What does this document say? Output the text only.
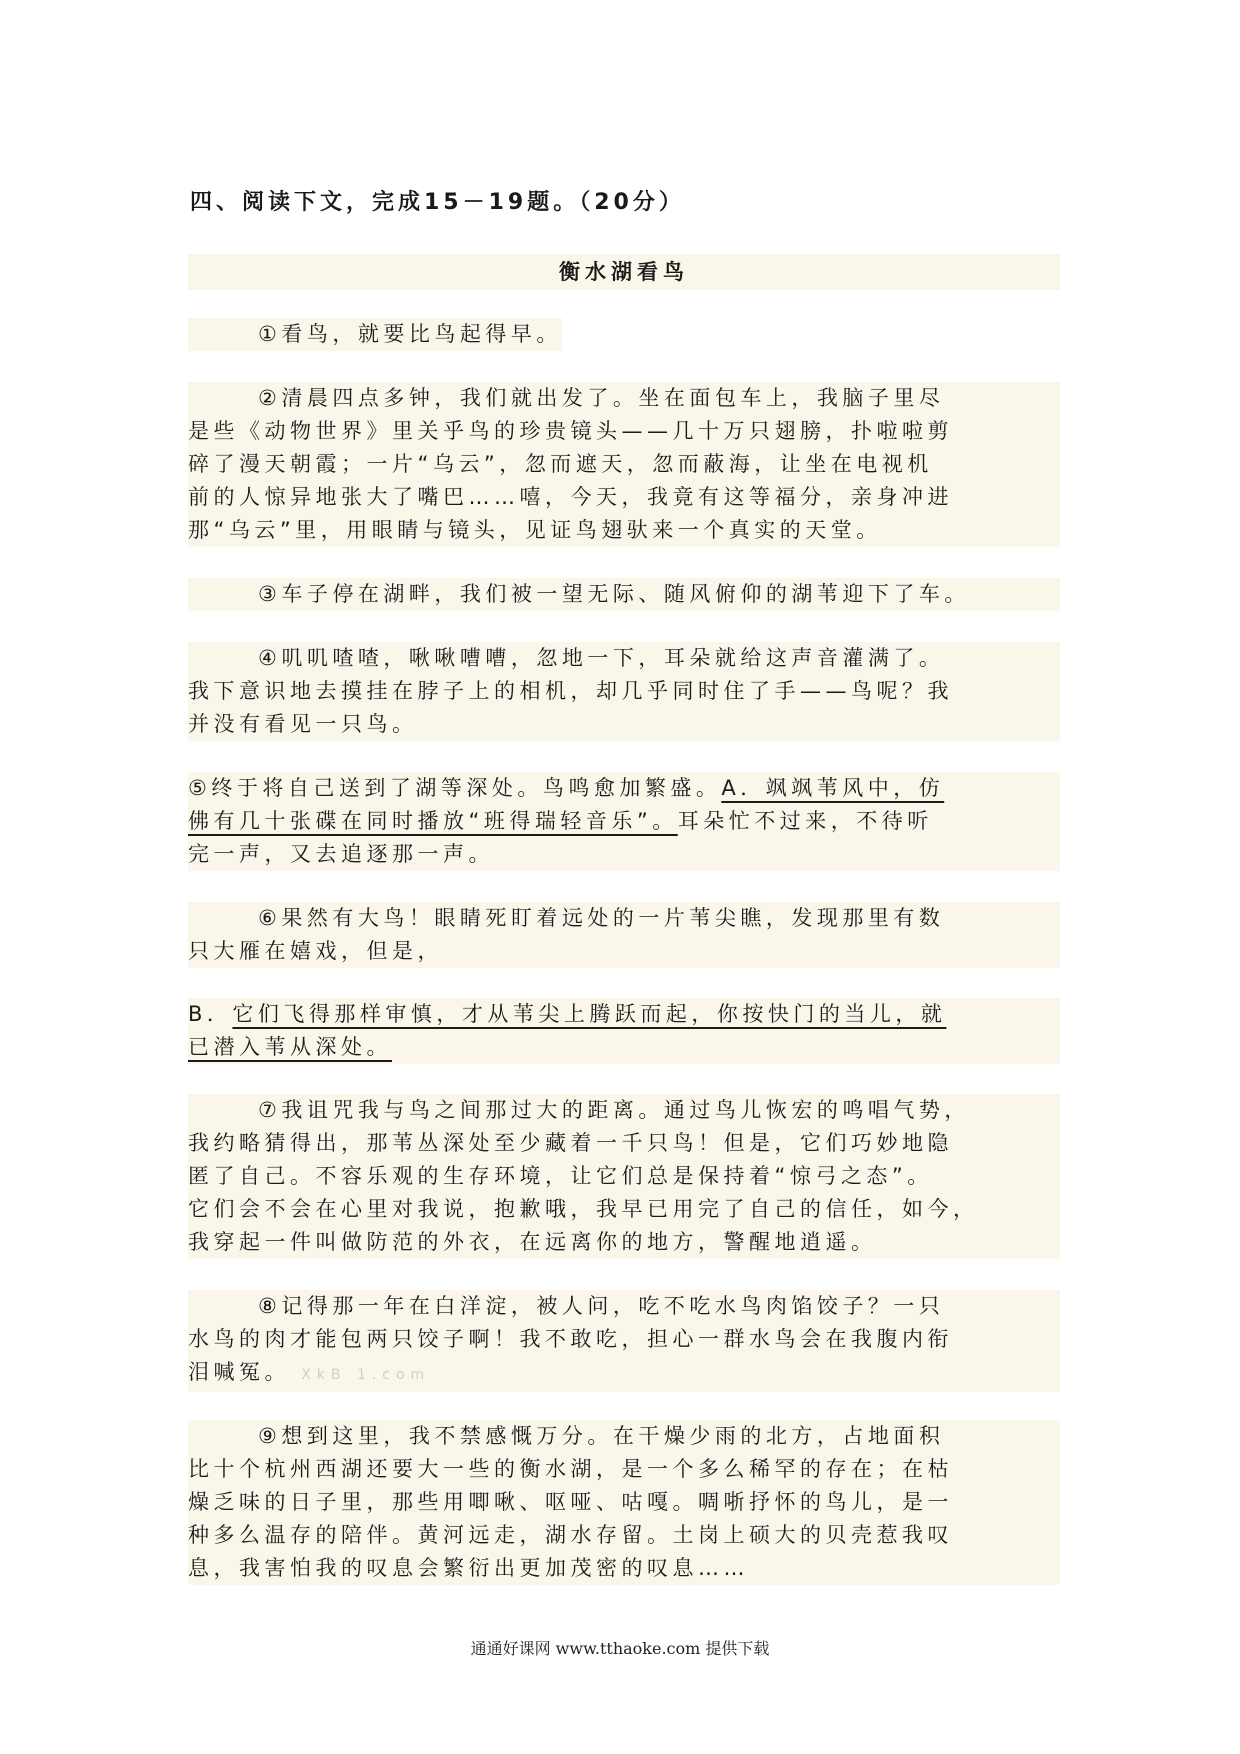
四、阅读下文，完成15－19题。（20分）
衡水湖看鸟
①看鸟，就要比鸟起得早。
②清晨四点多钟，我们就出发了。坐在面包车上，我脑子里尽
是些《动物世界》里关乎鸟的珍贵镜头——几十万只翅膀，扑啦啦剪
碎了漫天朝霞；一片“乌云”，忽而遮天，忽而蔽海，让坐在电视机
前的人惊异地张大了嘴巴……嘻，今天，我竟有这等福分，亲身冲进
那“乌云”里，用眼睛与镜头，见证鸟翅驮来一个真实的天堂。
③车子停在湖畔，我们被一望无际、随风俯仰的湖苇迎下了车。
④叽叽喳喳，啾啾嘈嘈，忽地一下，耳朵就给这声音灌满了。
我下意识地去摸挂在脖子上的相机，却几乎同时住了手——鸟呢？我
并没有看见一只鸟。
⑤终于将自己送到了湖等深处。鸟鸣愈加繁盛。A．飒飒苇风中，仿
佛有几十张碟在同时播放“班得瑞轻音乐”。耳朵忙不过来，不待听
完一声，又去追逐那一声。
⑥果然有大鸟！眼睛死盯着远处的一片苇尖瞧，发现那里有数
只大雁在嬉戏，但是，
B．它们飞得那样审慎，才从苇尖上腾跃而起，你按快门的当儿，就
已潜入苇从深处。
⑦我诅咒我与鸟之间那过大的距离。通过鸟儿恢宏的鸣唱气势，
我约略猜得出，那苇丛深处至少藏着一千只鸟！但是，它们巧妙地隐
匿了自己。不容乐观的生存环境，让它们总是保持着“惊弓之态”。
它们会不会在心里对我说，抱歉哦，我早已用完了自己的信任，如今，
我穿起一件叫做防范的外衣，在远离你的地方，警醒地逍遥。
⑧记得那一年在白洋淀，被人问，吃不吃水鸟肉馅饺子？一只
水鸟的肉才能包两只饺子啊！我不敢吃，担心一群水鸟会在我腹内衔
泪喊冤。 XkB 1.com
⑨想到这里，我不禁感慨万分。在干燥少雨的北方，占地面积
比十个杭州西湖还要大一些的衡水湖，是一个多么稀罕的存在；在枯
燥乏味的日子里，那些用唧啾、呕哑、咕嘎。啁哳抒怀的鸟儿，是一
种多么温存的陪伴。黄河远走，湖水存留。土岗上硕大的贝壳惹我叹
息，我害怕我的叹息会繁衍出更加茂密的叹息……
通通好课网 www.tthaoke.com 提供下载
